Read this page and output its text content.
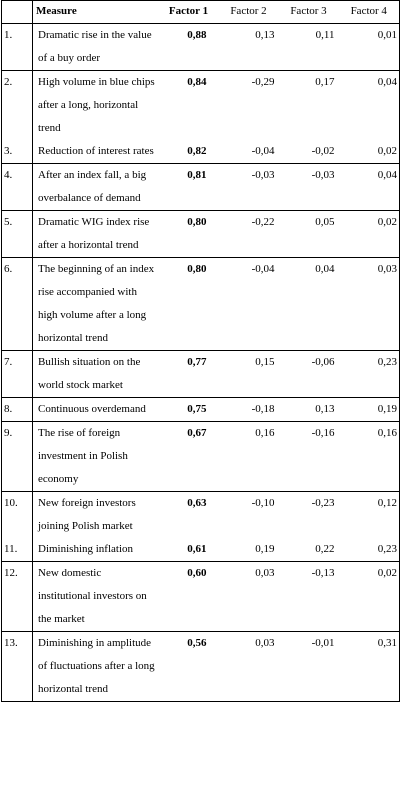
	Measure	Factor 1	Factor 2	Factor 3	Factor 4
1.	Dramatic rise in the value of a buy order	0,88	0,13	0,11	0,01
2.	High volume in blue chips after a long, horizontal trend	0,84	-0,29	0,17	0,04
3.	Reduction of interest rates	0,82	-0,04	-0,02	0,02
4.	After an index fall, a big overbalance of demand	0,81	-0,03	-0,03	0,04
5.	Dramatic WIG index rise after a horizontal trend	0,80	-0,22	0,05	0,02
6.	The beginning of an index rise accompanied with high volume after a long horizontal trend	0,80	-0,04	0,04	0,03
7.	Bullish situation on the world stock market	0,77	0,15	-0,06	0,23
8.	Continuous overdemand	0,75	-0,18	0,13	0,19
9.	The rise of foreign investment in Polish economy	0,67	0,16	-0,16	0,16
10.	New foreign investors joining Polish market	0,63	-0,10	-0,23	0,12
11.	Diminishing inflation	0,61	0,19	0,22	0,23
12.	New domestic institutional investors on the market	0,60	0,03	-0,13	0,02
13.	Diminishing in amplitude of fluctuations after a long horizontal trend	0,56	0,03	-0,01	0,31
